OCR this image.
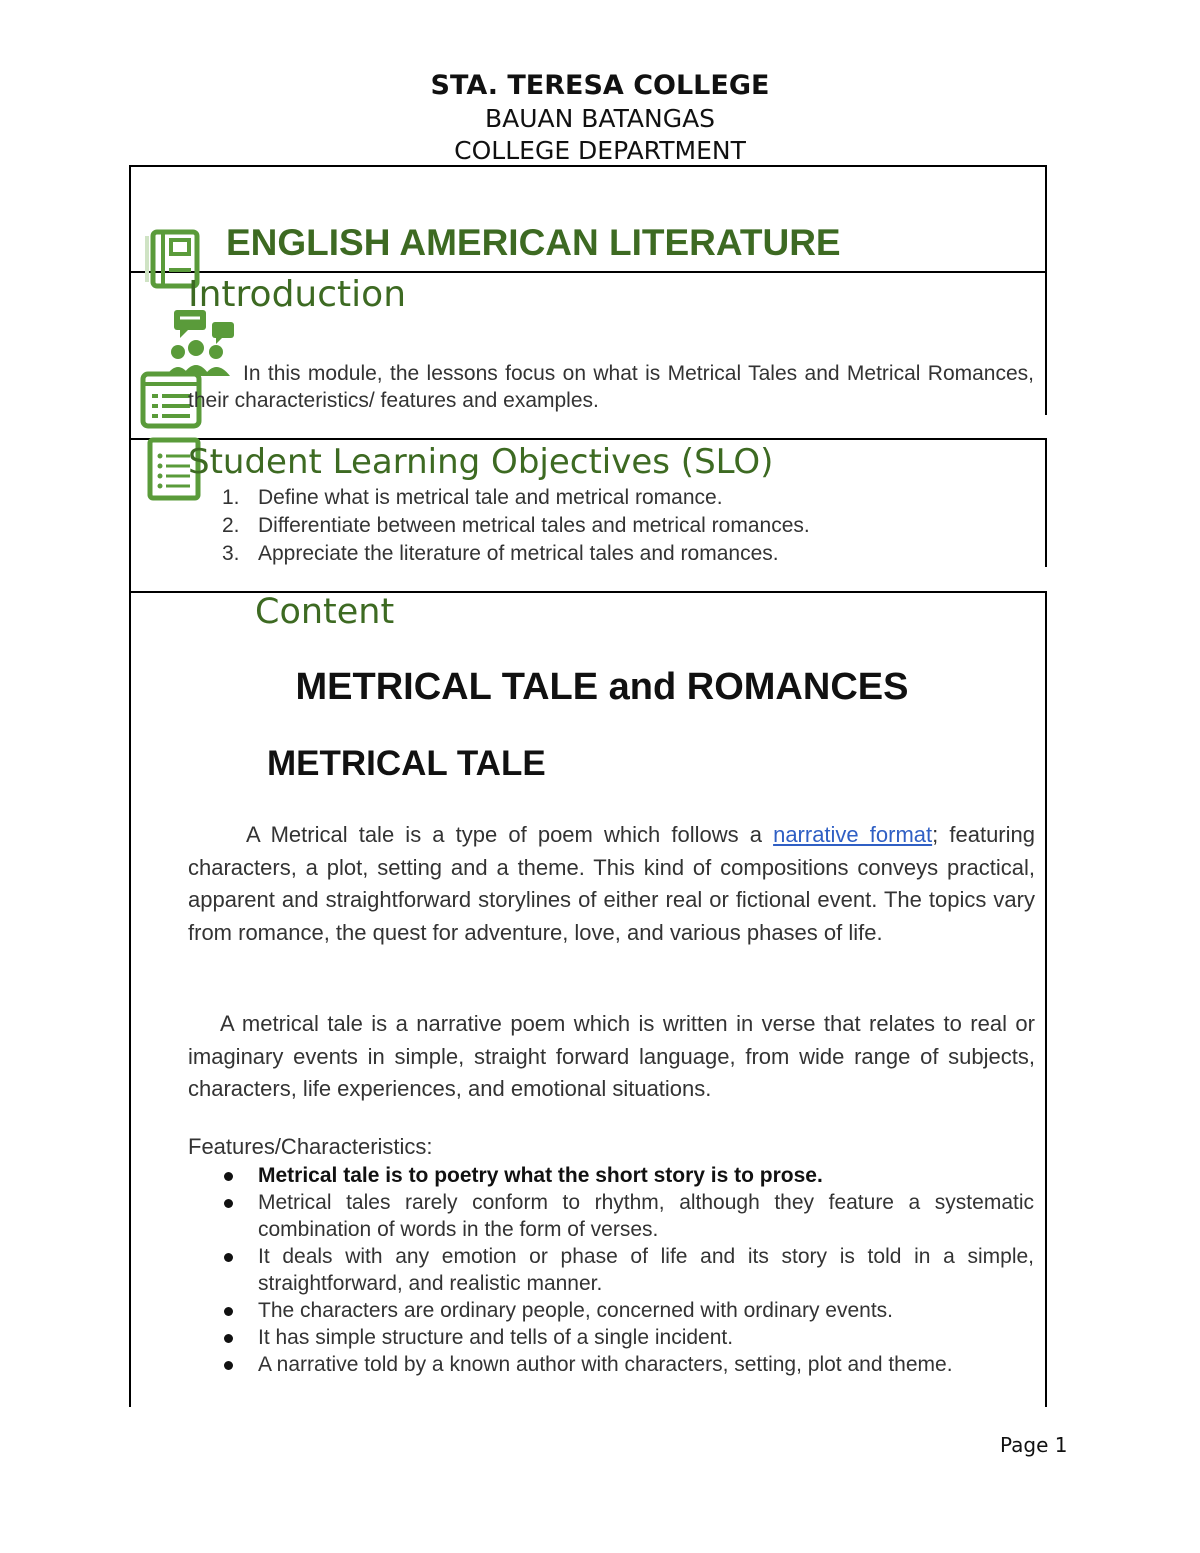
STA. TERESA COLLEGE
BAUAN BATANGAS
COLLEGE DEPARTMENT
ENGLISH AMERICAN LITERATURE
Introduction
In this module, the lessons focus on what is Metrical Tales and Metrical Romances, their characteristics/ features and examples.
Student Learning Objectives (SLO)
1. Define what is metrical tale and metrical romance.
2. Differentiate between metrical tales and metrical romances.
3. Appreciate the literature of metrical tales and romances.
Content
METRICAL TALE and ROMANCES
METRICAL TALE
A Metrical tale is a type of poem which follows a narrative format; featuring characters, a plot, setting and a theme. This kind of compositions conveys practical, apparent and straightforward storylines of either real or fictional event. The topics vary from romance, the quest for adventure, love, and various phases of life.
A metrical tale is a narrative poem which is written in verse that relates to real or imaginary events in simple, straight forward language, from wide range of subjects, characters, life experiences, and emotional situations.
Features/Characteristics:
Metrical tale is to poetry what the short story is to prose.
Metrical tales rarely conform to rhythm, although they feature a systematic combination of words in the form of verses.
It deals with any emotion or phase of life and its story is told in a simple, straightforward, and realistic manner.
The characters are ordinary people, concerned with ordinary events.
It has simple structure and tells of a single incident.
A narrative told by a known author with characters, setting, plot and theme.
Page 1
